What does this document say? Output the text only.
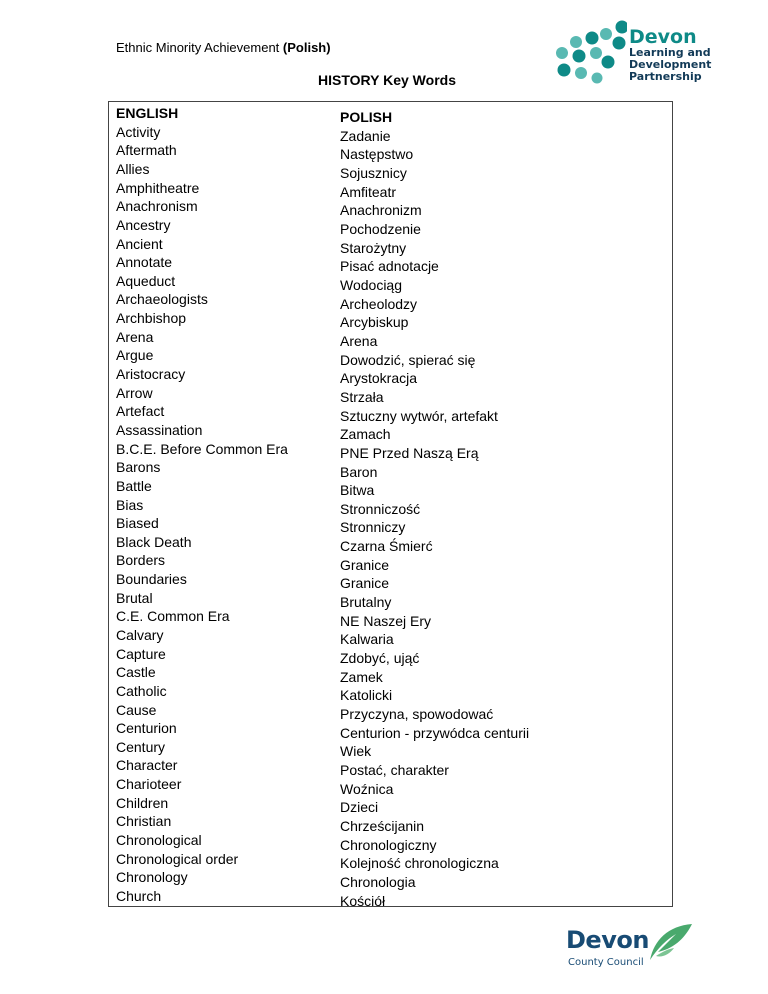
Ethnic Minority Achievement (Polish)
HISTORY Key Words
Devon
Learning and
Development
Partnership
ENGLISH
Activity
Aftermath
Allies
Amphitheatre
Anachronism
Ancestry
Ancient
Annotate
Aqueduct
Archaeologists
Archbishop
Arena
Argue
Aristocracy
Arrow
Artefact
Assassination
B.C.E. Before Common Era
Barons
Battle
Bias
Biased
Black Death
Borders
Boundaries
Brutal
C.E. Common Era
Calvary
Capture
Castle
Catholic
Cause
Centurion
Century
Character
Charioteer
Children
Christian
Chronological
Chronological order
Chronology
Church
POLISH
Zadanie
Następstwo
Sojusznicy
Amfiteatr
Anachronizm
Pochodzenie
Starożytny
Pisać adnotacje
Wodociąg
Archeolodzy
Arcybiskup
Arena
Dowodzić, spierać się
Arystokracja
Strzała
Sztuczny wytwór, artefakt
Zamach
PNE Przed Naszą Erą
Baron
Bitwa
Stronniczość
Stronniczy
Czarna Śmierć
Granice
Granice
Brutalny
NE Naszej Ery
Kalwaria
Zdobyć, ująć
Zamek
Katolicki
Przyczyna, spowodować
Centurion - przywódca centurii
Wiek
Postać, charakter
Woźnica
Dzieci
Chrześcijanin
Chronologiczny
Kolejność chronologiczna
Chronologia
Kościół
Devon
County Council
